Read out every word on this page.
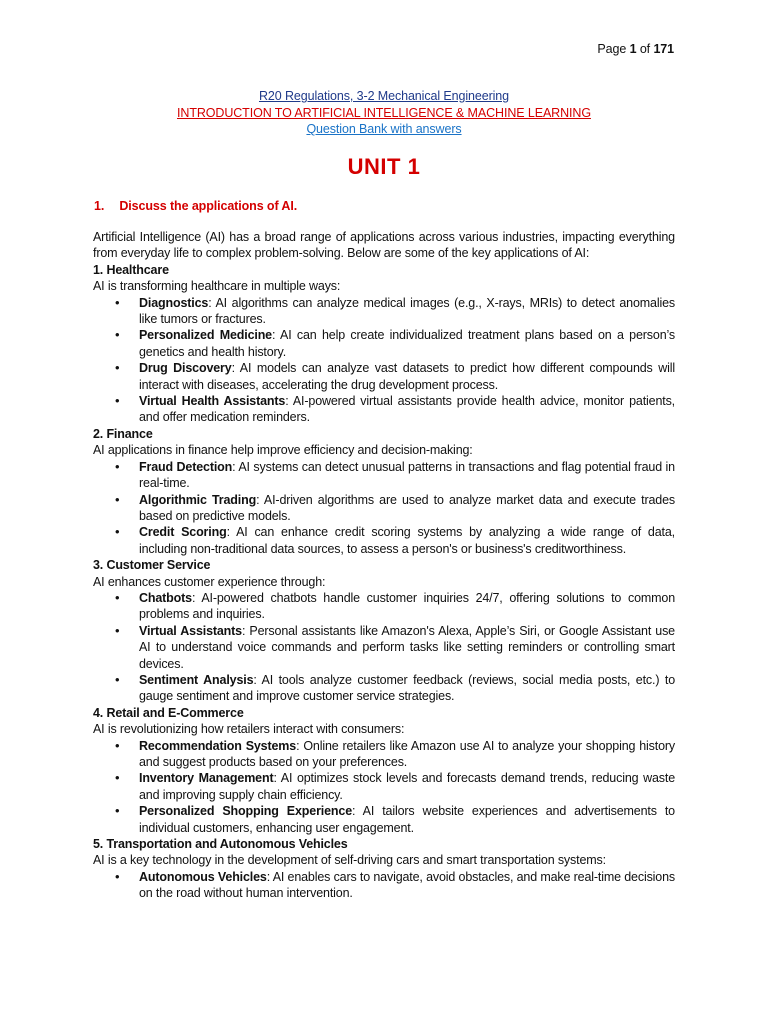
Page 1 of 171
R20 Regulations, 3-2 Mechanical Engineering
INTRODUCTION TO ARTIFICIAL INTELLIGENCE & MACHINE LEARNING
Question Bank with answers
UNIT 1
1. Discuss the applications of AI.

Artificial Intelligence (AI) has a broad range of applications across various industries, impacting everything from everyday life to complex problem-solving. Below are some of the key applications of AI:

1. Healthcare
AI is transforming healthcare in multiple ways:
• Diagnostics: AI algorithms can analyze medical images (e.g., X-rays, MRIs) to detect anomalies like tumors or fractures.
• Personalized Medicine: AI can help create individualized treatment plans based on a person’s genetics and health history.
• Drug Discovery: AI models can analyze vast datasets to predict how different compounds will interact with diseases, accelerating the drug development process.
• Virtual Health Assistants: AI-powered virtual assistants provide health advice, monitor patients, and offer medication reminders.
2. Finance
AI applications in finance help improve efficiency and decision-making:
• Fraud Detection: AI systems can detect unusual patterns in transactions and flag potential fraud in real-time.
• Algorithmic Trading: AI-driven algorithms are used to analyze market data and execute trades based on predictive models.
• Credit Scoring: AI can enhance credit scoring systems by analyzing a wide range of data, including non-traditional data sources, to assess a person's or business's creditworthiness.
3. Customer Service
AI enhances customer experience through:
• Chatbots: AI-powered chatbots handle customer inquiries 24/7, offering solutions to common problems and inquiries.
• Virtual Assistants: Personal assistants like Amazon's Alexa, Apple’s Siri, or Google Assistant use AI to understand voice commands and perform tasks like setting reminders or controlling smart devices.
• Sentiment Analysis: AI tools analyze customer feedback (reviews, social media posts, etc.) to gauge sentiment and improve customer service strategies.
4. Retail and E-Commerce
AI is revolutionizing how retailers interact with consumers:
• Recommendation Systems: Online retailers like Amazon use AI to analyze your shopping history and suggest products based on your preferences.
• Inventory Management: AI optimizes stock levels and forecasts demand trends, reducing waste and improving supply chain efficiency.
• Personalized Shopping Experience: AI tailors website experiences and advertisements to individual customers, enhancing user engagement.
5. Transportation and Autonomous Vehicles
AI is a key technology in the development of self-driving cars and smart transportation systems:
• Autonomous Vehicles: AI enables cars to navigate, avoid obstacles, and make real-time decisions on the road without human intervention.
